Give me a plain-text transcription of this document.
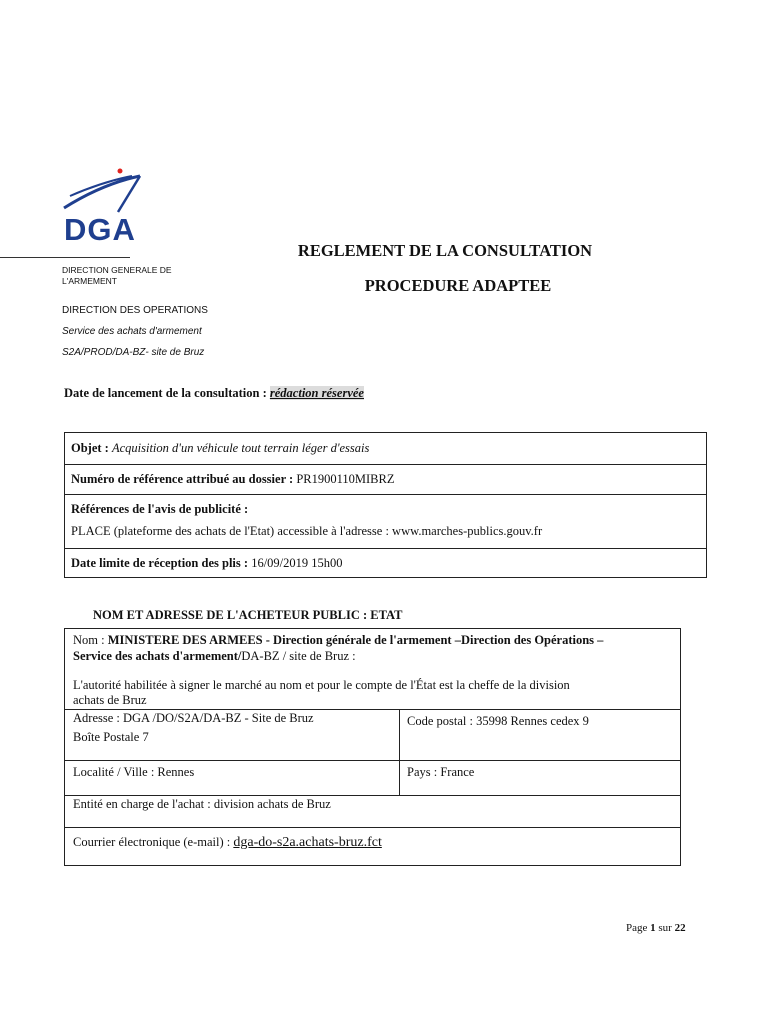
DGA
DIRECTION GENERALE DE
L'ARMEMENT
DIRECTION DES OPERATIONS
Service des achats d'armement
S2A/PROD/DA-BZ- site de Bruz
REGLEMENT DE LA CONSULTATION
PROCEDURE ADAPTEE
Date de lancement de la consultation : rédaction réservée
Objet : Acquisition d'un véhicule tout terrain léger d'essais
Numéro de référence attribué au dossier : PR1900110MIBRZ
Références de l'avis de publicité :
PLACE (plateforme des achats de l'Etat) accessible à l'adresse : www.marches-publics.gouv.fr
Date limite de réception des plis : 16/09/2019 15h00
NOM ET ADRESSE DE L'ACHETEUR PUBLIC : ETAT
Nom : MINISTERE DES ARMEES - Direction générale de l'armement –Direction des Opérations –
Service des achats d'armement/DA-BZ / site de Bruz :
L'autorité habilitée à signer le marché au nom et pour le compte de l'État est la cheffe de la division
achats de Bruz
Adresse : DGA /DO/S2A/DA-BZ - Site de Bruz
Boîte Postale 7
Code postal : 35998 Rennes cedex 9
Localité / Ville : Rennes	Pays : France
Entité en charge de l'achat : division achats de Bruz
Courrier électronique (e-mail) : dga-do-s2a.achats-bruz.fct
Page 1 sur 22
